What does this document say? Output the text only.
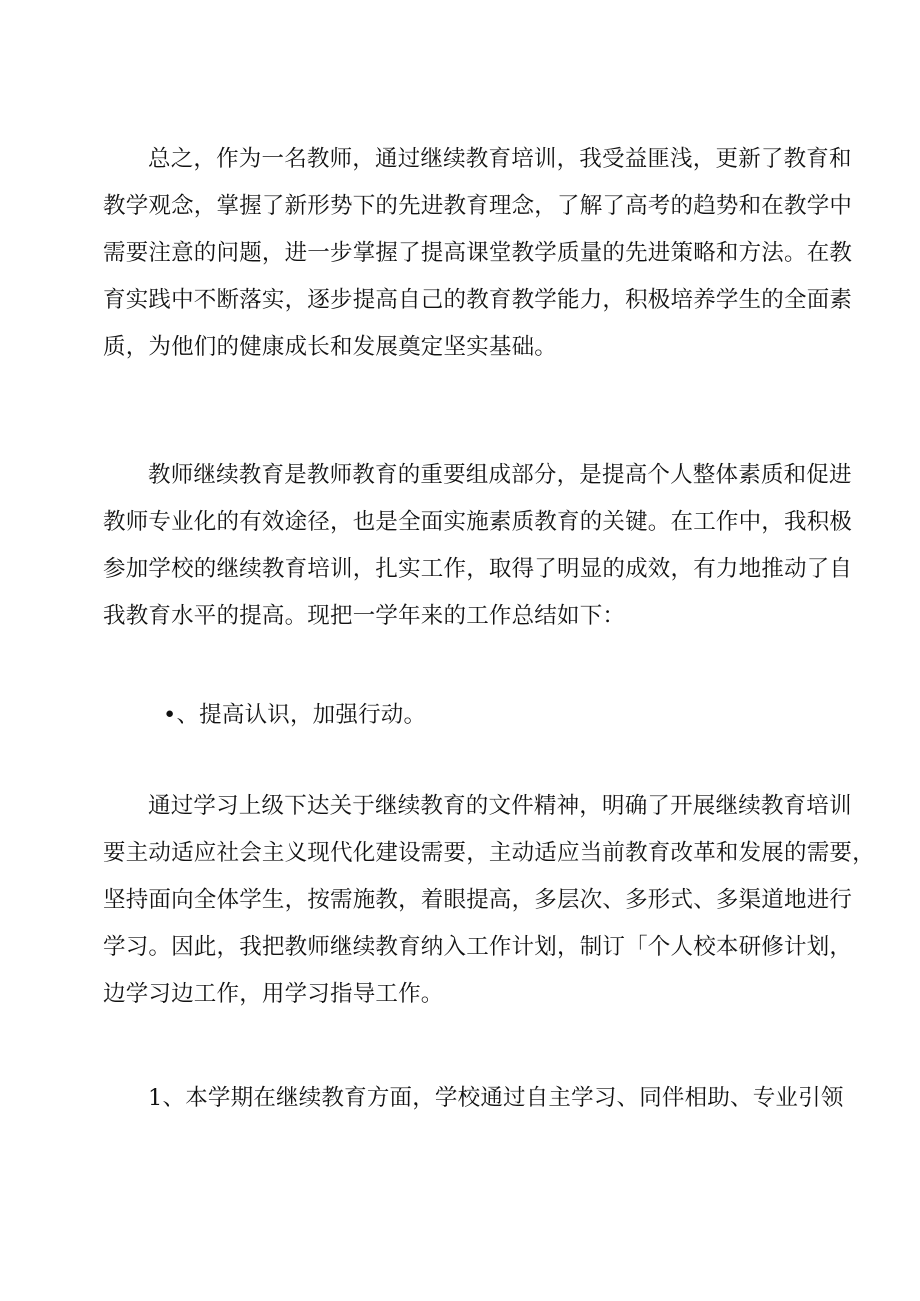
总之，作为一名教师，通过继续教育培训，我受益匪浅，更新了教育和
教学观念，掌握了新形势下的先进教育理念，了解了高考的趋势和在教学中
需要注意的问题，进一步掌握了提高课堂教学质量的先进策略和方法。在教
育实践中不断落实，逐步提高自己的教育教学能力，积极培养学生的全面素
质，为他们的健康成长和发展奠定坚实基础。

教师继续教育是教师教育的重要组成部分，是提高个人整体素质和促进
教师专业化的有效途径，也是全面实施素质教育的关键。在工作中，我积极
参加学校的继续教育培训，扎实工作，取得了明显的成效，有力地推动了自
我教育水平的提高。现把一学年来的工作总结如下：

•、提高认识，加强行动。

通过学习上级下达关于继续教育的文件精神，明确了开展继续教育培训
要主动适应社会主义现代化建设需要，主动适应当前教育改革和发展的需要，
坚持面向全体学生，按需施教，着眼提高，多层次、多形式、多渠道地进行
学习。因此，我把教师继续教育纳入工作计划，制订「个人校本研修计划，
边学习边工作，用学习指导工作。

1、本学期在继续教育方面，学校通过自主学习、同伴相助、专业引领
